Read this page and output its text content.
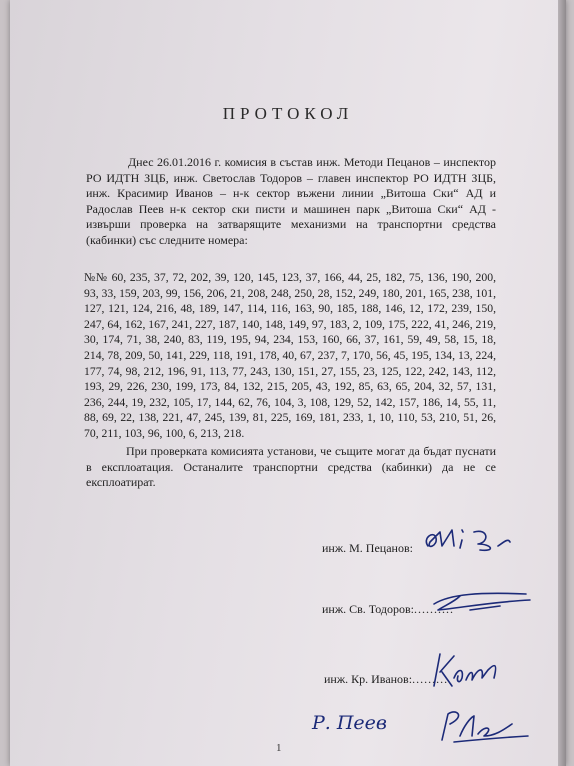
ПРОТОКОЛ

Днес 26.01.2016 г. комисия в състав инж. Методи Пецанов – инспектор РО ИДТН ЗЦБ, инж. Светослав Тодоров – главен инспектор РО ИДТН ЗЦБ, инж. Красимир Иванов – н-к сектор въжени линии „Витоша Ски“ АД и Радослав Пеев н-к сектор ски писти и машинен парк „Витоша Ски“ АД - извърши проверка на затварящите механизми на транспортни средства (кабинки) със следните номера:

№№ 60, 235, 37, 72, 202, 39, 120, 145, 123, 37, 166, 44, 25, 182, 75, 136, 190, 200, 93, 33, 159, 203, 99, 156, 206, 21, 208, 248, 250, 28, 152, 249, 180, 201, 165, 238, 101, 127, 121, 124, 216, 48, 189, 147, 114, 116, 163, 90, 185, 188, 146, 12, 172, 239, 150, 247, 64, 162, 167, 241, 227, 187, 140, 148, 149, 97, 183, 2, 109, 175, 222, 41, 246, 219, 30, 174, 71, 38, 240, 83, 119, 195, 94, 234, 153, 160, 66, 37, 161, 59, 49, 58, 15, 18, 214, 78, 209, 50, 141, 229, 118, 191, 178, 40, 67, 237, 7, 170, 56, 45, 195, 134, 13, 224, 177, 74, 98, 212, 196, 91, 113, 77, 243, 130, 151, 27, 155, 23, 125, 122, 242, 143, 112, 193, 29, 226, 230, 199, 173, 84, 132, 215, 205, 43, 192, 85, 63, 65, 204, 32, 57, 131, 236, 244, 19, 232, 105, 17, 144, 62, 76, 104, 3, 108, 129, 52, 142, 157, 186, 14, 55, 11, 88, 69, 22, 138, 221, 47, 245, 139, 81, 225, 169, 181, 233, 1, 10, 110, 53, 210, 51, 26, 70, 211, 103, 96, 100, 6, 213, 218.

При проверката комисията установи, че същите могат да бъдат пуснати в експлоатация. Останалите транспортни средства (кабинки) да не се експлоатират.

инж. М. Пецанов:
инж. Св. Тодоров:..........
инж. Кр. Иванов:.........
Р. Пеев
1
